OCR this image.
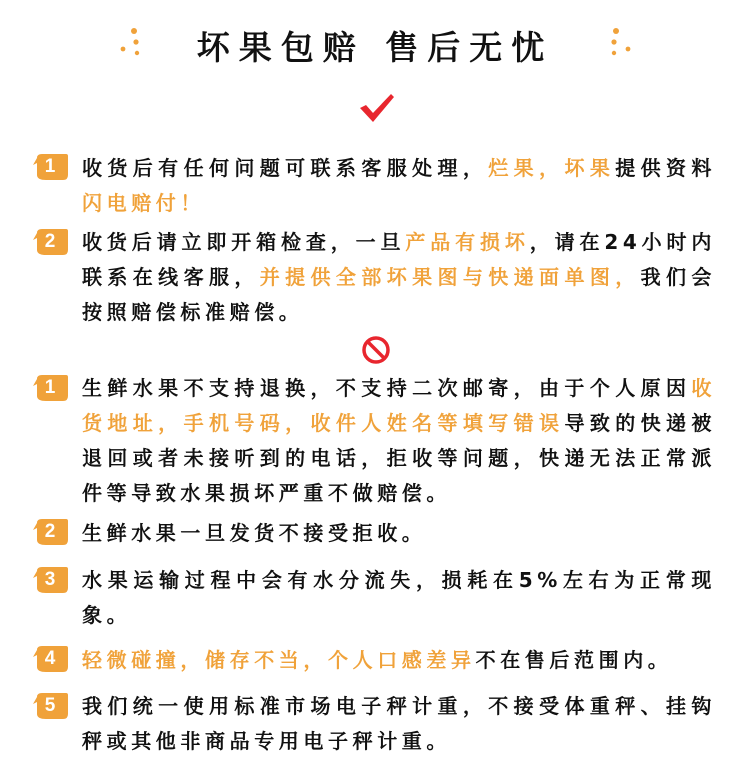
坏果包赔 售后无忧
1	收货后有任何问题可联系客服处理，烂果，坏果提供资料闪电赔付！
2	收货后请立即开箱检查，一旦产品有损坏，请在24小时内联系在线客服，并提供全部坏果图与快递面单图，我们会按照赔偿标准赔偿。
1	生鲜水果不支持退换，不支持二次邮寄，由于个人原因收货地址，手机号码，收件人姓名等填写错误导致的快递被退回或者未接听到的电话，拒收等问题，快递无法正常派件等导致水果损坏严重不做赔偿。
2	生鲜水果一旦发货不接受拒收。
3	水果运输过程中会有水分流失，损耗在5%左右为正常现象。
4	轻微碰撞，储存不当，个人口感差异不在售后范围内。
5	我们统一使用标准市场电子秤计重，不接受体重秤、挂钩秤或其他非商品专用电子秤计重。
